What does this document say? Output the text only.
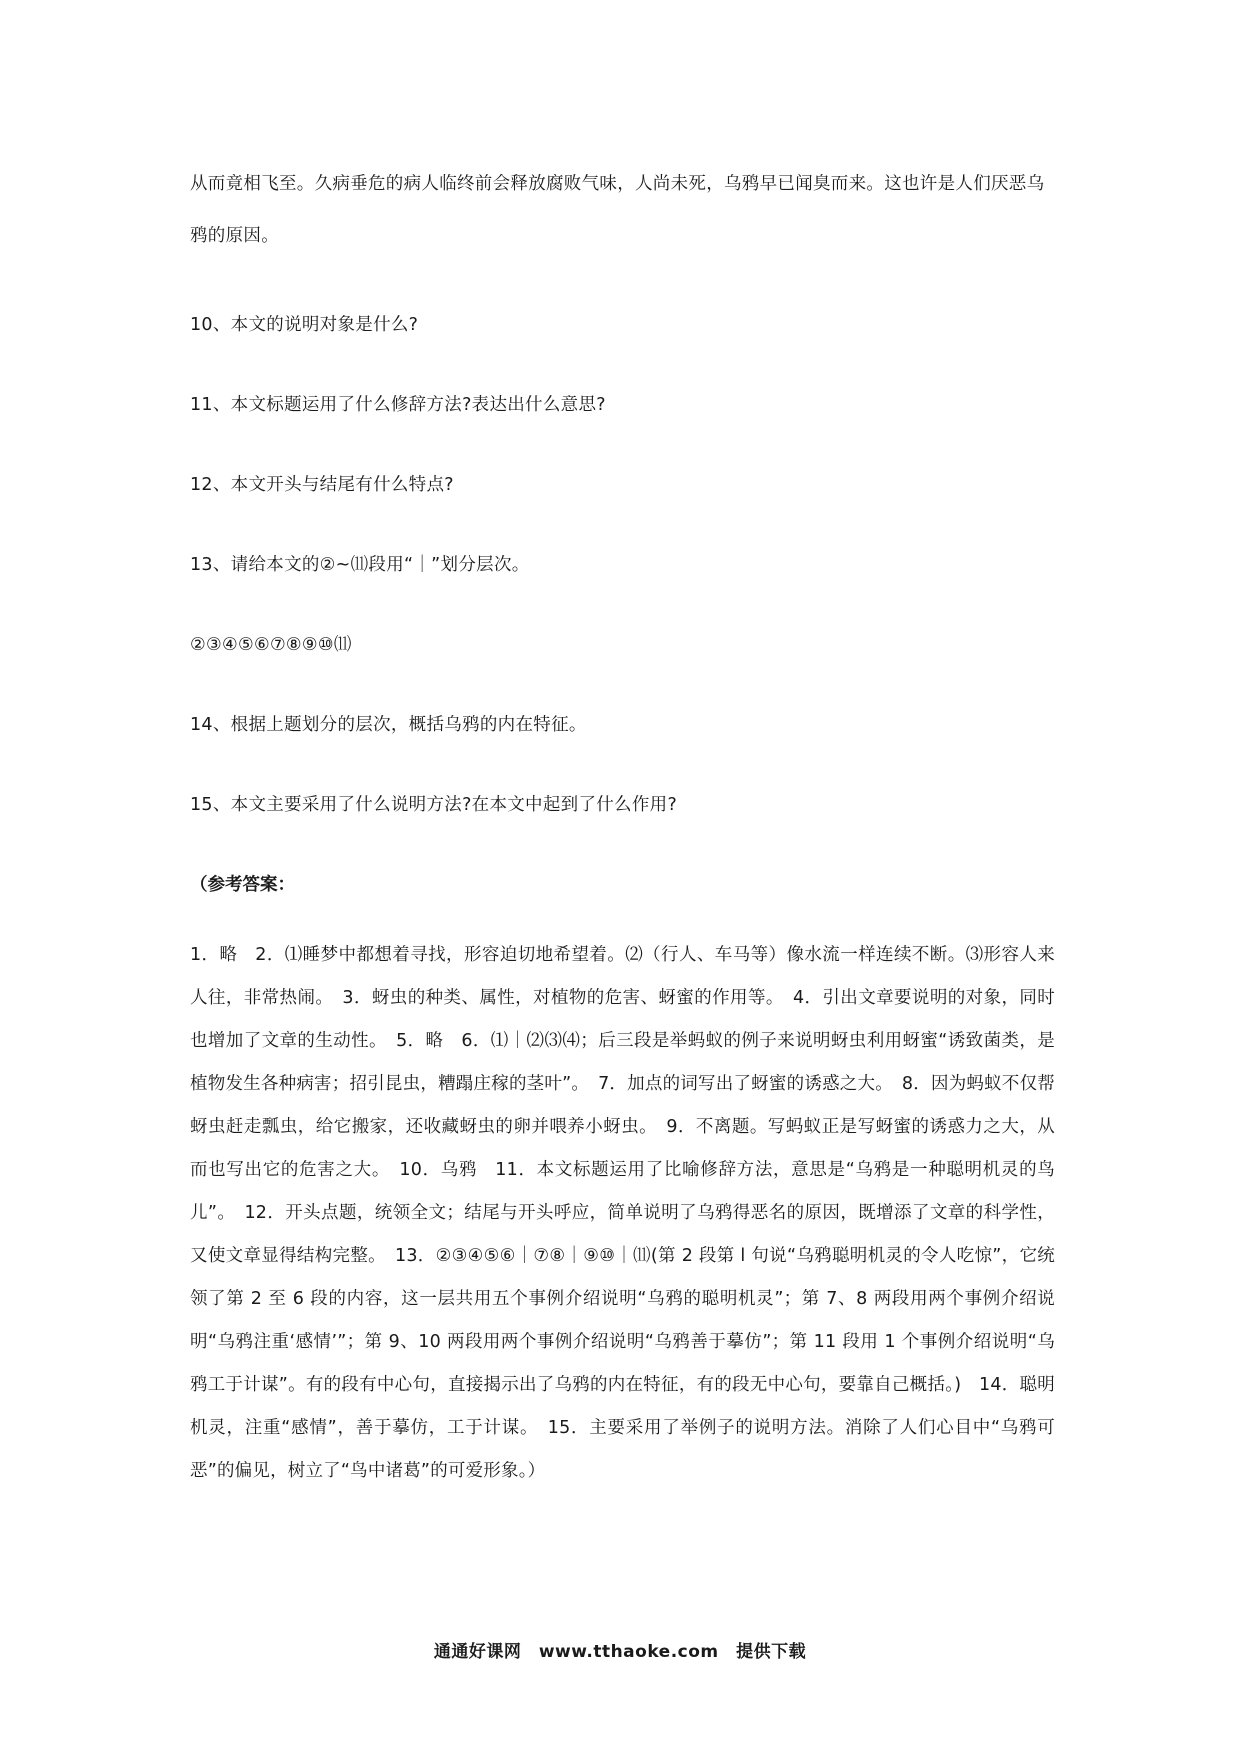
从而竟相飞至。久病垂危的病人临终前会释放腐败气味，人尚未死，乌鸦早已闻臭而来。这也许是人们厌恶乌鸦的原因。

10、本文的说明对象是什么?

11、本文标题运用了什么修辞方法?表达出什么意思?

12、本文开头与结尾有什么特点?

13、请给本文的②~⑾段用“｜”划分层次。

②③④⑤⑥⑦⑧⑨⑩⑾

14、根据上题划分的层次，概括乌鸦的内在特征。

15、本文主要采用了什么说明方法?在本文中起到了什么作用?

（参考答案：

1．略　2．⑴睡梦中都想着寻找，形容迫切地希望着。⑵（行人、车马等）像水流一样连续不断。⑶形容人来人往，非常热闹。　3．蚜虫的种类、属性，对植物的危害、蚜蜜的作用等。　4．引出文章要说明的对象，同时也增加了文章的生动性。　5．略　6．⑴｜⑵⑶⑷；后三段是举蚂蚁的例子来说明蚜虫利用蚜蜜“诱致菌类，是植物发生各种病害；招引昆虫，糟蹋庄稼的茎叶”。　7．加点的词写出了蚜蜜的诱惑之大。　8．因为蚂蚁不仅帮蚜虫赶走瓢虫，给它搬家，还收藏蚜虫的卵并喂养小蚜虫。　9．不离题。写蚂蚁正是写蚜蜜的诱惑力之大，从而也写出它的危害之大。　10．乌鸦　11．本文标题运用了比喻修辞方法，意思是“乌鸦是一种聪明机灵的鸟儿”。　12．开头点题，统领全文；结尾与开头呼应，简单说明了乌鸦得恶名的原因，既增添了文章的科学性，又使文章显得结构完整。　13．②③④⑤⑥｜⑦⑧｜⑨⑩｜⑾(第 2 段第 l 句说“乌鸦聪明机灵的令人吃惊”，它统领了第 2 至 6 段的内容，这一层共用五个事例介绍说明“乌鸦的聪明机灵”；第 7、8 两段用两个事例介绍说明“乌鸦注重‘感情’”；第 9、10 两段用两个事例介绍说明“乌鸦善于摹仿”；第 11 段用 1 个事例介绍说明“乌鸦工于计谋”。有的段有中心句，直接揭示出了乌鸦的内在特征，有的段无中心句，要靠自己概括。)　14．聪明机灵，注重“感情”，善于摹仿，工于计谋。　15．主要采用了举例子的说明方法。消除了人们心目中“乌鸦可恶”的偏见，树立了“鸟中诸葛”的可爱形象。）

通通好课网　www.tthaoke.com　提供下载
